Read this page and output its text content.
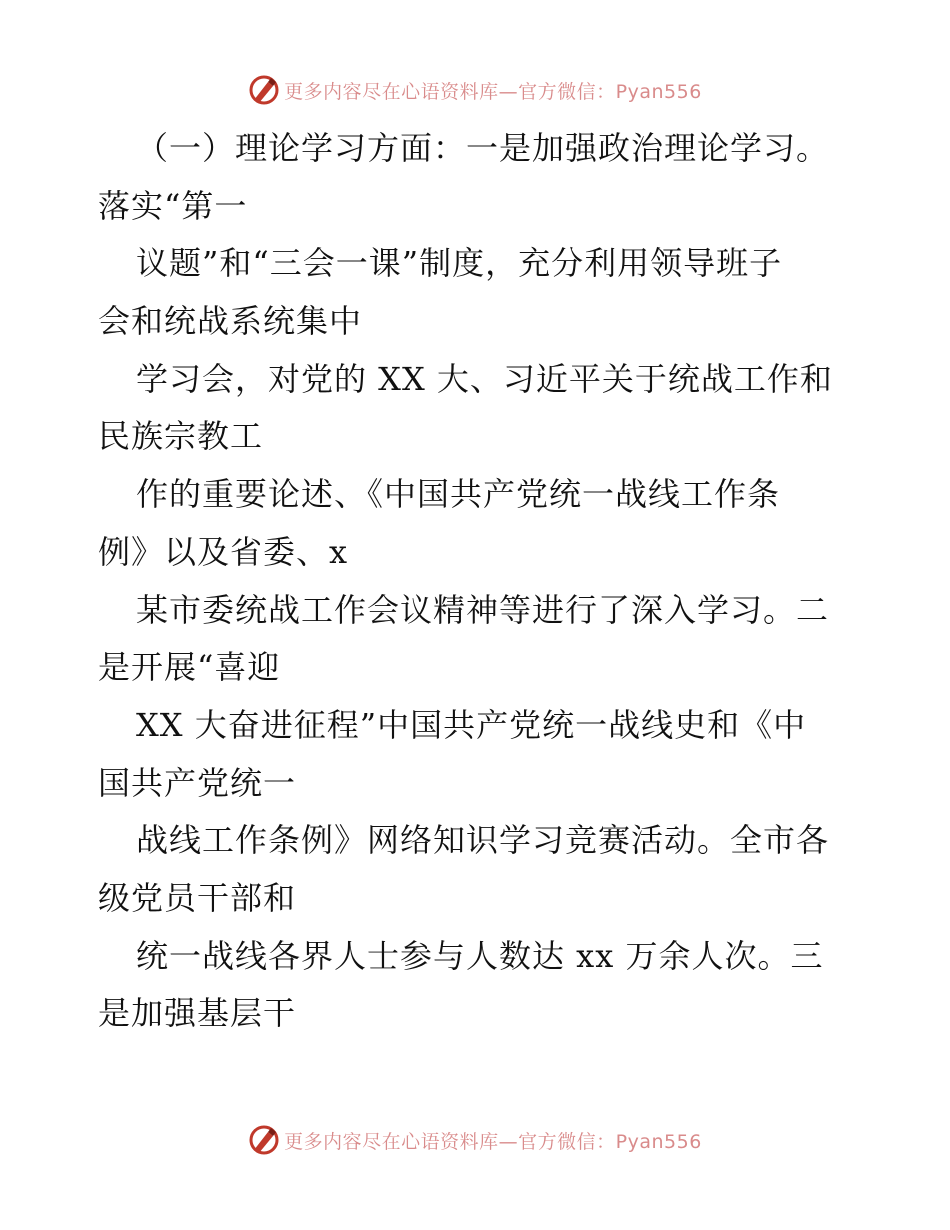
更多内容尽在心语资料库—官方微信：Pyan556
（一）理论学习方面：一是加强政治理论学习。
落实“第一
议题”和“三会一课”制度，充分利用领导班子
会和统战系统集中
学习会，对党的 XX 大、习近平关于统战工作和
民族宗教工
作的重要论述、《中国共产党统一战线工作条
例》以及省委、x
某市委统战工作会议精神等进行了深入学习。二
是开展“喜迎
XX 大奋进征程”中国共产党统一战线史和《中
国共产党统一
战线工作条例》网络知识学习竞赛活动。全市各
级党员干部和
统一战线各界人士参与人数达 xx 万余人次。三
是加强基层干
更多内容尽在心语资料库—官方微信：Pyan556
